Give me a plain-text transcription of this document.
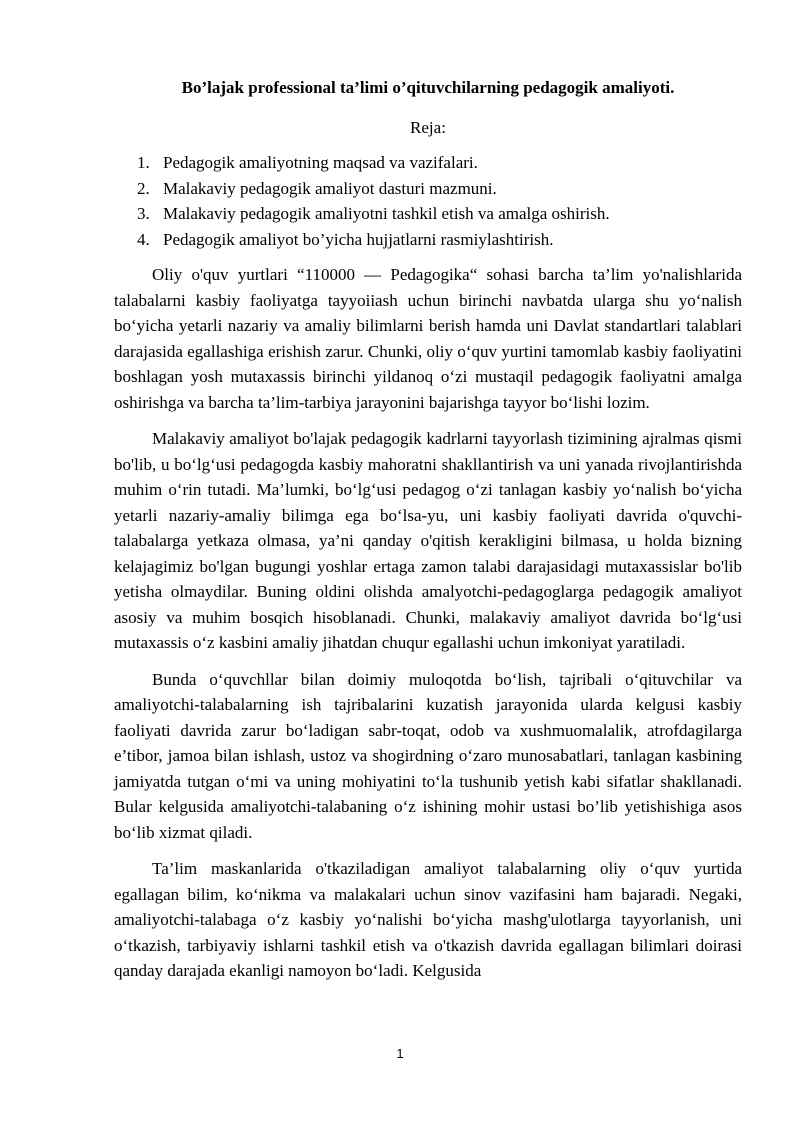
Bo’lajak professional ta’limi o’qituvchilarning pedagogik amaliyoti.
Reja:
1. Pedagogik amaliyotning maqsad va vazifalari.
2. Malakaviy pedagogik amaliyot dasturi mazmuni.
3. Malakaviy pedagogik amaliyotni tashkil etish va amalga oshirish.
4. Pedagogik amaliyot bo’yicha hujjatlarni rasmiylashtirish.

Oliy o'quv yurtlari “110000 — Pedagogika“ sohasi barcha ta’lim yo'nalishlarida talabalarni kasbiy faoliyatga tayyoiiash uchun birinchi navbatda ularga shu yo‘nalish bo‘yicha yetarli nazariy va amaliy bilimlarni berish hamda uni Davlat standartlari talablari darajasida egallashiga erishish zarur. Chunki, oliy o‘quv yurtini tamomlab kasbiy faoliyatini boshlagan yosh mutaxassis birinchi yildanoq o‘zi mustaqil pedagogik faoliyatni amalga oshirishga va barcha ta’lim-tarbiya jarayonini bajarishga tayyor bo‘lishi lozim.

Malakaviy amaliyot bo'lajak pedagogik kadrlarni tayyorlash tizimining ajralmas qismi bo'lib, u bo‘lg‘usi pedagogda kasbiy mahoratni shakllantirish va uni yanada rivojlantirishda muhim o‘rin tutadi. Ma’lumki, bo‘lg‘usi pedagog o‘zi tanlagan kasbiy yo‘nalish bo‘yicha yetarli nazariy-amaliy bilimga ega bo‘lsa-yu, uni kasbiy faoliyati davrida o'quvchi-talabalarga yetkaza olmasa, ya’ni qanday o'qitish kerakligini bilmasa, u holda bizning kelajagimiz bo'lgan bugungi yoshlar ertaga zamon talabi darajasidagi mutaxassislar bo'lib yetisha olmaydilar. Buning oldini olishda amalyotchi-pedagoglarga pedagogik amaliyot asosiy va muhim bosqich hisoblanadi. Chunki, malakaviy amaliyot davrida bo‘lg‘usi mutaxassis o‘z kasbini amaliy jihatdan chuqur egallashi uchun imkoniyat yaratiladi.

Bunda o‘quvchllar bilan doimiy muloqotda bo‘lish, tajribali o‘qituvchilar va amaliyotchi-talabalarning ish tajribalarini kuzatish jarayonida ularda kelgusi kasbiy faoliyati davrida zarur bo‘ladigan sabr-toqat, odob va xushmuomalalik, atrofdagilarga e’tibor, jamoa bilan ishlash, ustoz va shogirdning o‘zaro munosabatlari, tanlagan kasbining jamiyatda tutgan o‘mi va uning mohiyatini to‘la tushunib yetish kabi sifatlar shakllanadi. Bular kelgusida amaliyotchi-talabaning o‘z ishining mohir ustasi bo’lib yetishishiga asos bo‘lib xizmat qiladi.

Ta’lim maskanlarida o'tkaziladigan amaliyot talabalarning oliy o‘quv yurtida egallagan bilim, ko‘nikma va malakalari uchun sinov vazifasini ham bajaradi. Negaki, amaliyotchi-talabaga o‘z kasbiy yo‘nalishi bo‘yicha mashg'ulotlarga tayyorlanish, uni o‘tkazish, tarbiyaviy ishlarni tashkil etish va o'tkazish davrida egallagan bilimlari doirasi qanday darajada ekanligi namoyon bo‘ladi. Kelgusida

1
